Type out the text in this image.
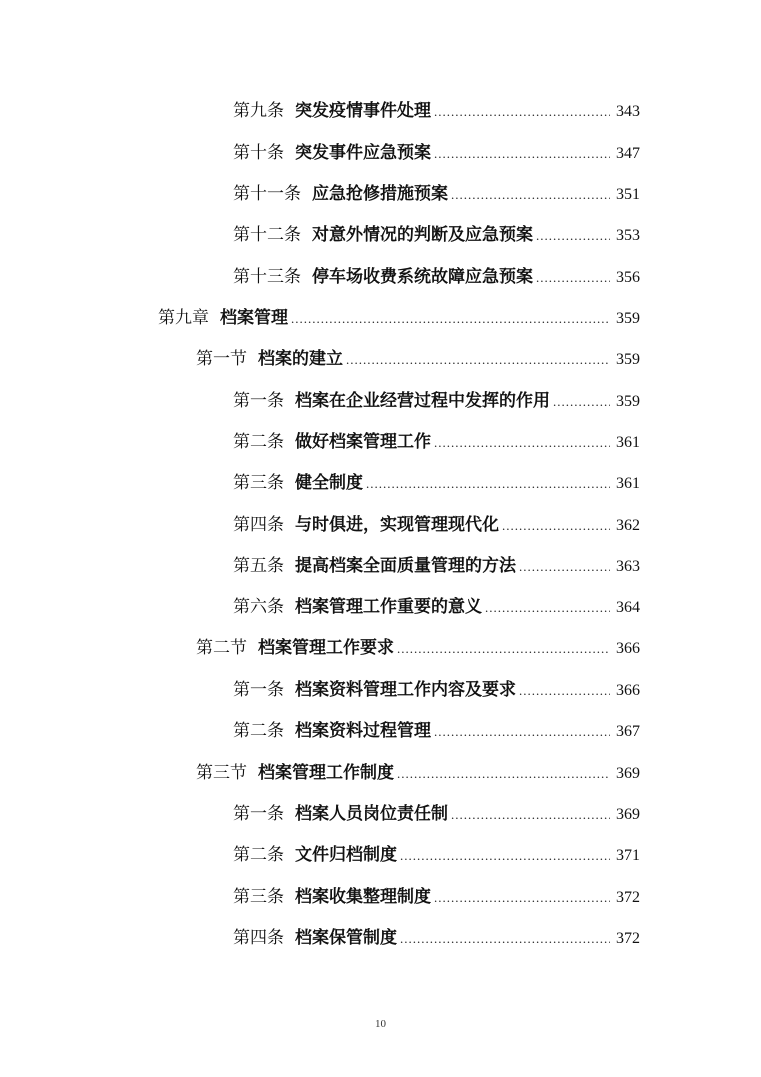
第九条 突发疫情事件处理 .....	343
第十条 突发事件应急预案 .....	347
第十一条 应急抢修措施预案 .....	351
第十二条 对意外情况的判断及应急预案 .....	353
第十三条 停车场收费系统故障应急预案 .....	356
第九章 档案管理 .....	359
第一节 档案的建立 .....	359
第一条 档案在企业经营过程中发挥的作用 .....	359
第二条 做好档案管理工作 .....	361
第三条 健全制度 .....	361
第四条 与时俱进，实现管理现代化 .....	362
第五条 提高档案全面质量管理的方法 .....	363
第六条 档案管理工作重要的意义 .....	364
第二节 档案管理工作要求 .....	366
第一条 档案资料管理工作内容及要求 .....	366
第二条 档案资料过程管理 .....	367
第三节 档案管理工作制度 .....	369
第一条 档案人员岗位责任制 .....	369
第二条 文件归档制度 .....	371
第三条 档案收集整理制度 .....	372
第四条 档案保管制度 .....	372
10
